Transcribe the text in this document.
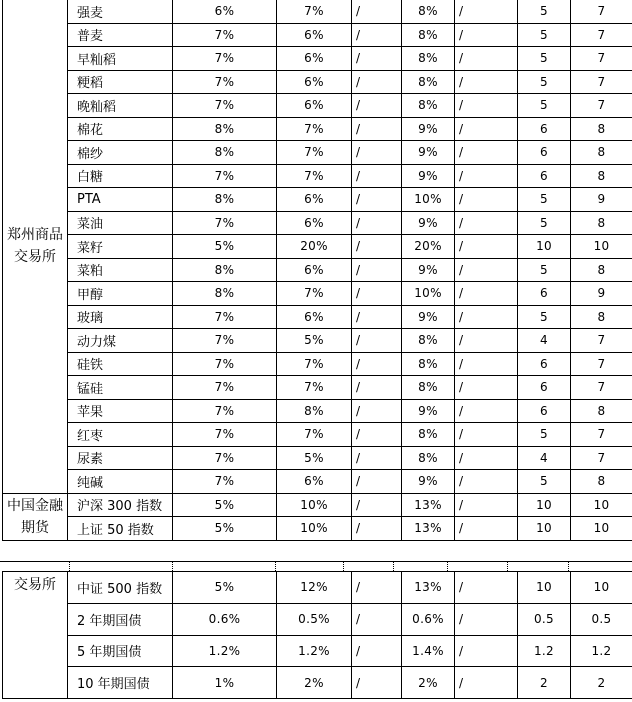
郑州商品交易所	强麦	6%	7%	/	8%	/	5	7
	普麦	7%	6%	/	8%	/	5	7
	早籼稻	7%	6%	/	8%	/	5	7
	粳稻	7%	6%	/	8%	/	5	7
	晚籼稻	7%	6%	/	8%	/	5	7
	棉花	8%	7%	/	9%	/	6	8
	棉纱	8%	7%	/	9%	/	6	8
	白糖	7%	7%	/	9%	/	6	8
	PTA	8%	6%	/	10%	/	5	9
	菜油	7%	6%	/	9%	/	5	8
	菜籽	5%	20%	/	20%	/	10	10
	菜粕	8%	6%	/	9%	/	5	8
	甲醇	8%	7%	/	10%	/	6	9
	玻璃	7%	6%	/	9%	/	5	8
	动力煤	7%	5%	/	8%	/	4	7
	硅铁	7%	7%	/	8%	/	6	7
	锰硅	7%	7%	/	8%	/	6	7
	苹果	7%	8%	/	9%	/	6	8
	红枣	7%	7%	/	8%	/	5	7
	尿素	7%	5%	/	8%	/	4	7
	纯碱	7%	6%	/	9%	/	5	8
中国金融期货	沪深 300 指数	5%	10%	/	13%	/	10	10
	上证 50 指数	5%	10%	/	13%	/	10	10
交易所	中证 500 指数	5%	12%	/	13%	/	10	10
	2 年期国债	0.6%	0.5%	/	0.6%	/	0.5	0.5
	5 年期国债	1.2%	1.2%	/	1.4%	/	1.2	1.2
	10 年期国债	1%	2%	/	2%	/	2	2
